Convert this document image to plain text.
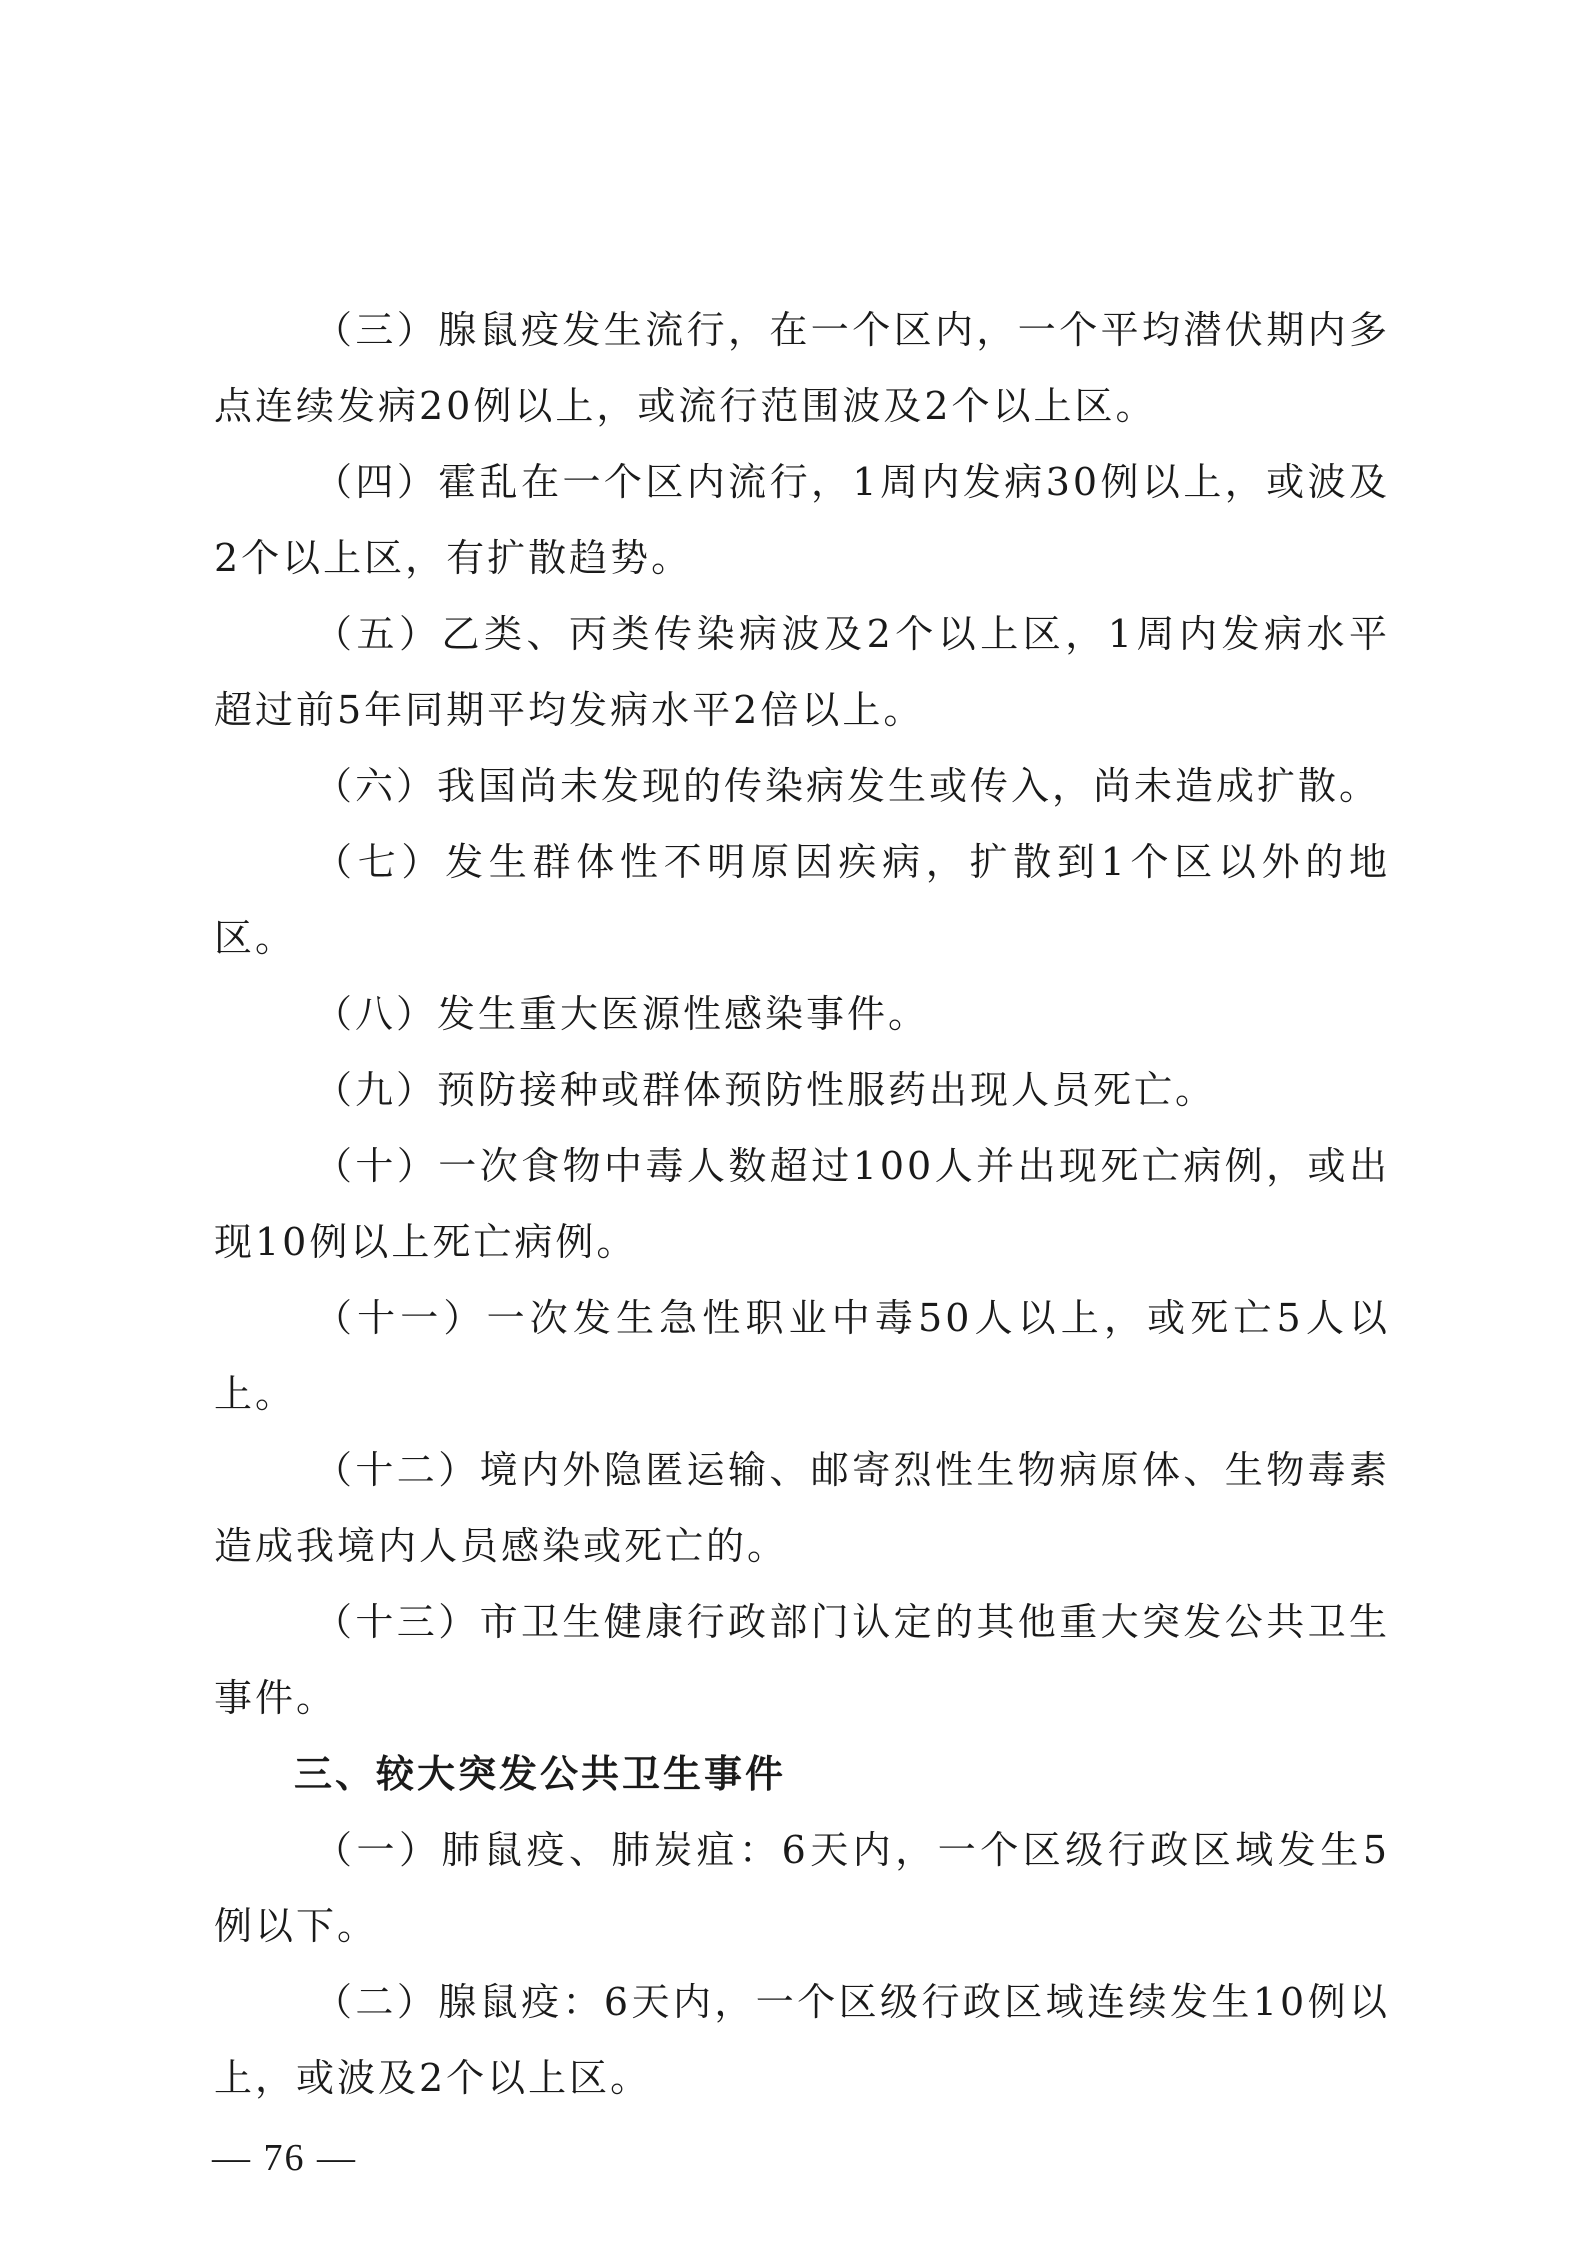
（三）腺鼠疫发生流行，在一个区内，一个平均潜伏期内多点连续发病20例以上，或流行范围波及2个以上区。

（四）霍乱在一个区内流行，1周内发病30例以上，或波及2个以上区，有扩散趋势。

（五）乙类、丙类传染病波及2个以上区，1周内发病水平超过前5年同期平均发病水平2倍以上。

（六）我国尚未发现的传染病发生或传入，尚未造成扩散。

（七）发生群体性不明原因疾病，扩散到1个区以外的地区。

（八）发生重大医源性感染事件。

（九）预防接种或群体预防性服药出现人员死亡。

（十）一次食物中毒人数超过100人并出现死亡病例，或出现10例以上死亡病例。

（十一）一次发生急性职业中毒50人以上，或死亡5人以上。

（十二）境内外隐匿运输、邮寄烈性生物病原体、生物毒素造成我境内人员感染或死亡的。

（十三）市卫生健康行政部门认定的其他重大突发公共卫生事件。

三、较大突发公共卫生事件

（一）肺鼠疫、肺炭疽：6天内，一个区级行政区域发生5例以下。

（二）腺鼠疫：6天内，一个区级行政区域连续发生10例以上，或波及2个以上区。

— 76 —
